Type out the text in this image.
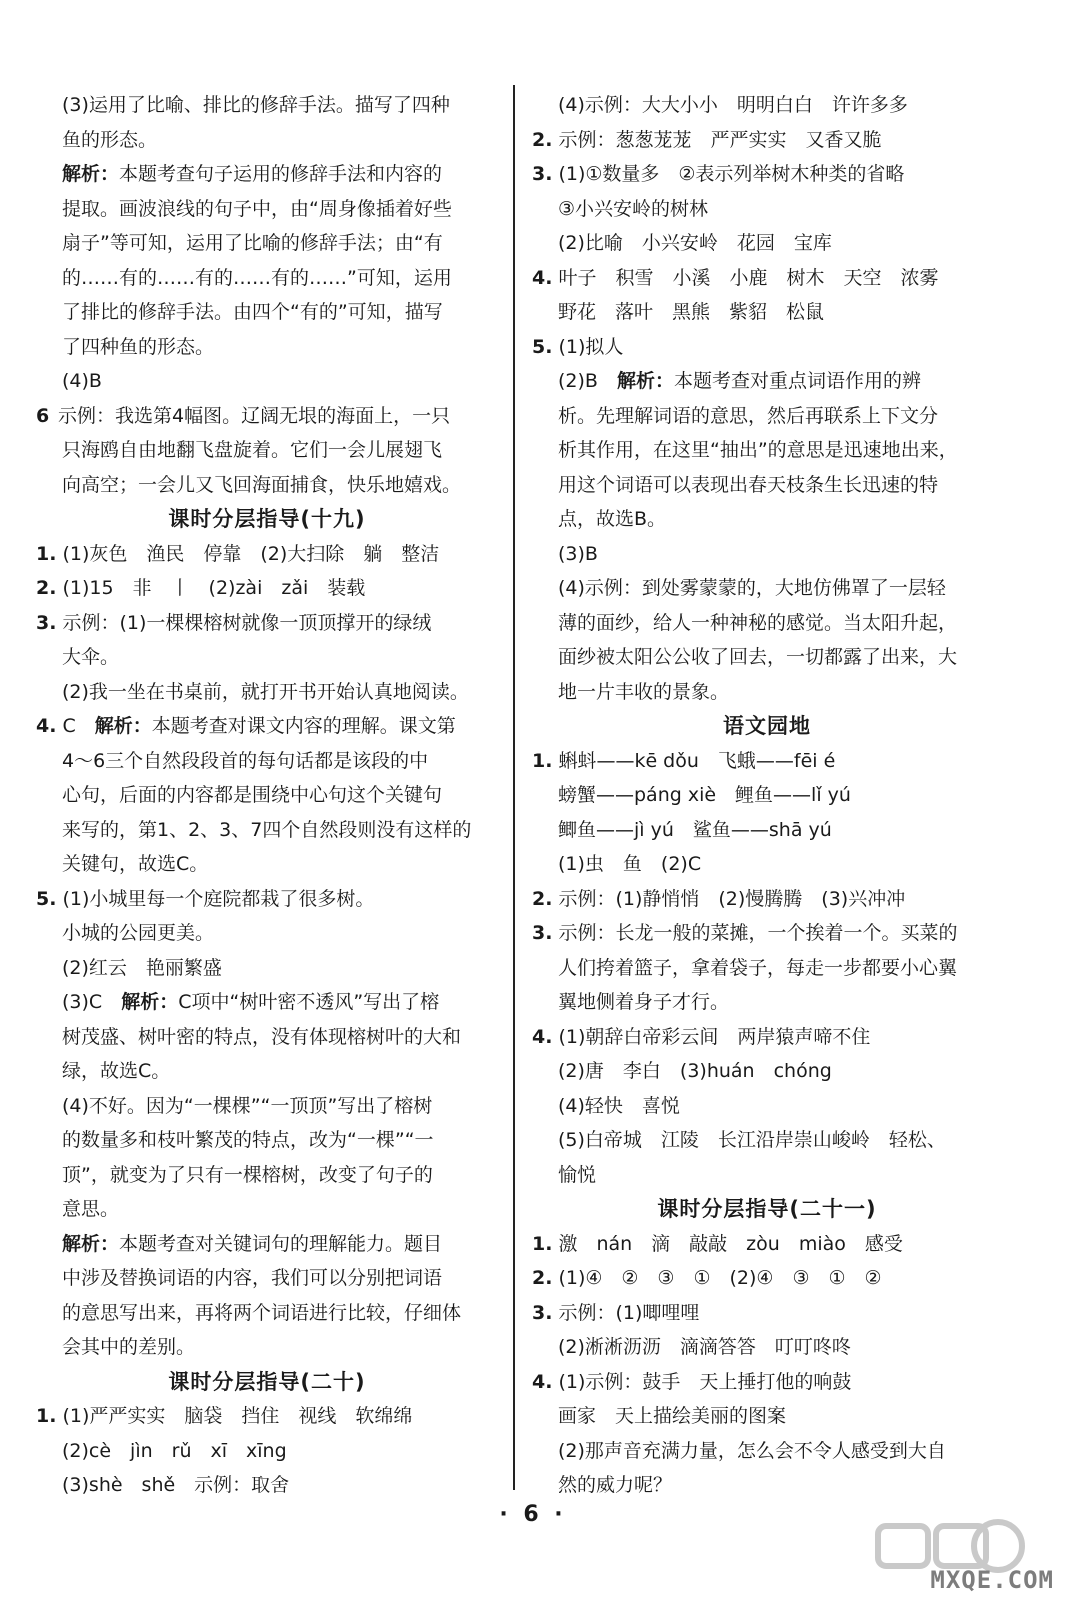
(3)运用了比喻、排比的修辞手法。描写了四种
鱼的形态。
解析：本题考查句子运用的修辞手法和内容的
提取。画波浪线的句子中，由“周身像插着好些
扇子”等可知，运用了比喻的修辞手法；由“有
的……有的……有的……有的……”可知，运用
了排比的修辞手法。由四个“有的”可知，描写
了四种鱼的形态。
(4)B
6 示例：我选第4幅图。辽阔无垠的海面上，一只
只海鸥自由地翻飞盘旋着。它们一会儿展翅飞
向高空；一会儿又飞回海面捕食，快乐地嬉戏。
课时分层指导(十九)
1. (1)灰色　渔民　停靠　(2)大扫除　躺　整洁
2. (1)15　非　丨　(2)zài　zǎi　装载
3. 示例：(1)一棵棵榕树就像一顶顶撑开的绿绒
大伞。
(2)我一坐在书桌前，就打开书开始认真地阅读。
4. C　解析：本题考查对课文内容的理解。课文第
4～6三个自然段段首的每句话都是该段的中
心句，后面的内容都是围绕中心句这个关键句
来写的，第1、2、3、7四个自然段则没有这样的
关键句，故选C。
5. (1)小城里每一个庭院都栽了很多树。
小城的公园更美。
(2)红云　艳丽繁盛
(3)C　解析：C项中“树叶密不透风”写出了榕
树茂盛、树叶密的特点，没有体现榕树叶的大和
绿，故选C。
(4)不好。因为“一棵棵”“一顶顶”写出了榕树
的数量多和枝叶繁茂的特点，改为“一棵”“一
顶”，就变为了只有一棵榕树，改变了句子的
意思。
解析：本题考查对关键词句的理解能力。题目
中涉及替换词语的内容，我们可以分别把词语
的意思写出来，再将两个词语进行比较，仔细体
会其中的差别。
课时分层指导(二十)
1. (1)严严实实　脑袋　挡住　视线　软绵绵
(2)cè　jìn　rǔ　xī　xīng
(3)shè　shě　示例：取舍
(4)示例：大大小小　明明白白　许许多多
2. 示例：葱葱茏茏　严严实实　又香又脆
3. (1)①数量多　②表示列举树木种类的省略
③小兴安岭的树林
(2)比喻　小兴安岭　花园　宝库
4. 叶子　积雪　小溪　小鹿　树木　天空　浓雾
野花　落叶　黑熊　紫貂　松鼠
5. (1)拟人
(2)B　解析：本题考查对重点词语作用的辨
析。先理解词语的意思，然后再联系上下文分
析其作用，在这里“抽出”的意思是迅速地出来，
用这个词语可以表现出春天枝条生长迅速的特
点，故选B。
(3)B
(4)示例：到处雾蒙蒙的，大地仿佛罩了一层轻
薄的面纱，给人一种神秘的感觉。当太阳升起，
面纱被太阳公公收了回去，一切都露了出来，大
地一片丰收的景象。
语文园地
1. 蝌蚪——kē dǒu　飞蛾——fēi é
螃蟹——páng xiè　鲤鱼——lǐ yú
鲫鱼——jì yú　鲨鱼——shā yú
(1)虫　鱼　(2)C
2. 示例：(1)静悄悄　(2)慢腾腾　(3)兴冲冲
3. 示例：长龙一般的菜摊，一个挨着一个。买菜的
人们挎着篮子，拿着袋子，每走一步都要小心翼
翼地侧着身子才行。
4. (1)朝辞白帝彩云间　两岸猿声啼不住
(2)唐　李白　(3)huán　chóng
(4)轻快　喜悦
(5)白帝城　江陵　长江沿岸崇山峻岭　轻松、
愉悦
课时分层指导(二十一)
1. 激　nán　滴　敲敲　zòu　miào　感受
2. (1)④　②　③　①　(2)④　③　①　②
3. 示例：(1)唧哩哩
(2)淅淅沥沥　滴滴答答　叮叮咚咚
4. (1)示例：鼓手　天上捶打他的响鼓
画家　天上描绘美丽的图案
(2)那声音充满力量，怎么会不令人感受到大自
然的威力呢？
· 6 ·
MXQE.COM
